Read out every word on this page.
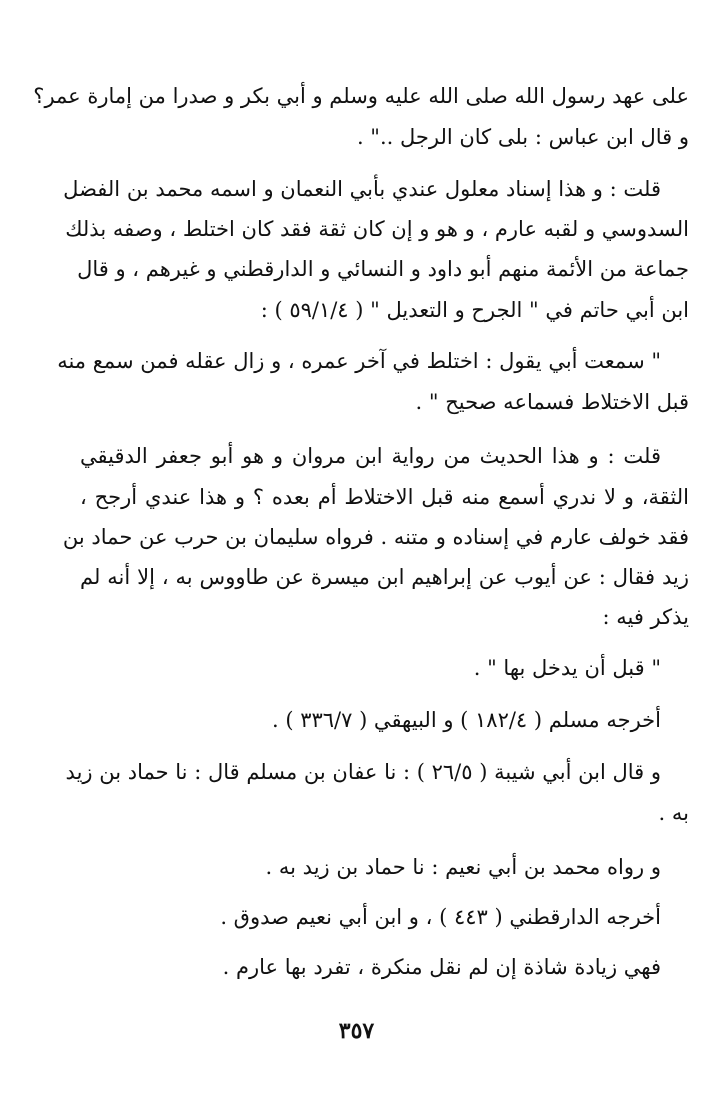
على عهد رسول الله صلى الله عليه وسلم و أبي بكر و صدرا من إمارة عمر؟
و قال ابن عباس : بلى كان الرجل .." .
قلت : و هذا إسناد معلول عندي بأبي النعمان و اسمه محمد بن الفضل
السدوسي و لقبه عارم ، و هو و إن كان ثقة فقد كان اختلط ، وصفه بذلك
جماعة من الأئمة منهم أبو داود و النسائي و الدارقطني و غيرهم ، و قال
ابن أبي حاتم في " الجرح و التعديل " ( ٥٩/١/٤ ) :
" سمعت أبي يقول : اختلط في آخر عمره ، و زال عقله فمن سمع منه
قبل الاختلاط فسماعه صحيح " .
قلت : و هذا الحديث من رواية ابن مروان و هو أبو جعفر الدقيقي
الثقة، و لا ندري أسمع منه قبل الاختلاط أم بعده ؟ و هذا عندي أرجح ،
فقد خولف عارم في إسناده و متنه . فرواه سليمان بن حرب عن حماد بن
زيد فقال : عن أيوب عن إبراهيم ابن ميسرة عن طاووس به ، إلا أنه لم
يذكر فيه :
" قبل أن يدخل بها " .
أخرجه مسلم ( ١٨٢/٤ ) و البيهقي ( ٣٣٦/٧ ) .
و قال ابن أبي شيبة ( ٢٦/٥ ) : نا عفان بن مسلم قال : نا حماد بن زيد
به .
و رواه محمد بن أبي نعيم : نا حماد بن زيد به .
أخرجه الدارقطني ( ٤٤٣ ) ، و ابن أبي نعيم صدوق .
فهي زيادة شاذة إن لم نقل منكرة ، تفرد بها عارم .
٣٥٧
